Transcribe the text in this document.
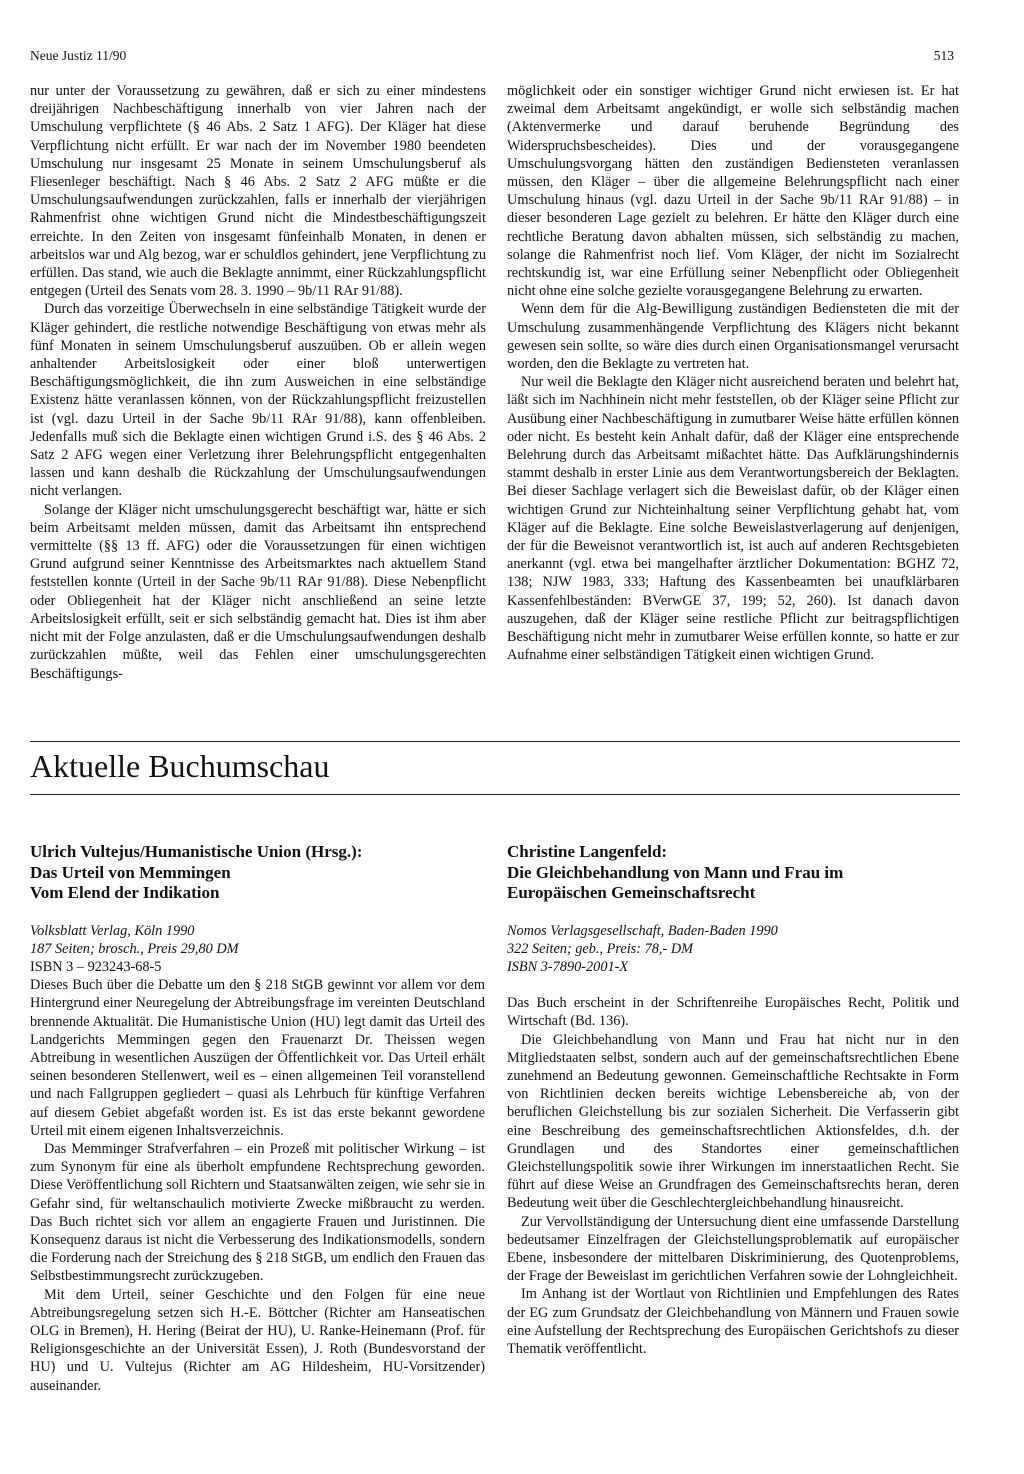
Neue Justiz 11/90	513

nur unter der Voraussetzung zu gewähren, daß er sich zu einer mindestens dreijährigen Nachbeschäftigung innerhalb von vier Jahren nach der Umschulung verpflichtete (§ 46 Abs. 2 Satz 1 AFG). Der Kläger hat diese Verpflichtung nicht erfüllt. Er war nach der im November 1980 beendeten Umschulung nur insgesamt 25 Monate in seinem Umschulungsberuf als Fliesenleger beschäftigt. Nach § 46 Abs. 2 Satz 2 AFG müßte er die Umschulungsaufwendungen zurückzahlen, falls er innerhalb der vierjährigen Rahmenfrist ohne wichtigen Grund nicht die Mindestbeschäftigungszeit erreichte. In den Zeiten von insgesamt fünfeinhalb Monaten, in denen er arbeitslos war und Alg bezog, war er schuldlos gehindert, jene Verpflichtung zu erfüllen. Das stand, wie auch die Beklagte annimmt, einer Rückzahlungspflicht entgegen (Urteil des Senats vom 28. 3. 1990 – 9b/11 RAr 91/88).

Durch das vorzeitige Überwechseln in eine selbständige Tätigkeit wurde der Kläger gehindert, die restliche notwendige Beschäftigung von etwas mehr als fünf Monaten in seinem Umschulungsberuf auszuüben. Ob er allein wegen anhaltender Arbeitslosigkeit oder einer bloß unterwertigen Beschäftigungsmöglichkeit, die ihn zum Ausweichen in eine selbständige Existenz hätte veranlassen können, von der Rückzahlungspflicht freizustellen ist (vgl. dazu Urteil in der Sache 9b/11 RAr 91/88), kann offenbleiben. Jedenfalls muß sich die Beklagte einen wichtigen Grund i.S. des § 46 Abs. 2 Satz 2 AFG wegen einer Verletzung ihrer Belehrungspflicht entgegenhalten lassen und kann deshalb die Rückzahlung der Umschulungsaufwendungen nicht verlangen.

Solange der Kläger nicht umschulungsgerecht beschäftigt war, hätte er sich beim Arbeitsamt melden müssen, damit das Arbeitsamt ihn entsprechend vermittelte (§§ 13 ff. AFG) oder die Voraussetzungen für einen wichtigen Grund aufgrund seiner Kenntnisse des Arbeitsmarktes nach aktuellem Stand feststellen konnte (Urteil in der Sache 9b/11 RAr 91/88). Diese Nebenpflicht oder Obliegenheit hat der Kläger nicht anschließend an seine letzte Arbeitslosigkeit erfüllt, seit er sich selbständig gemacht hat. Dies ist ihm aber nicht mit der Folge anzulasten, daß er die Umschulungsaufwendungen deshalb zurückzahlen müßte, weil das Fehlen einer umschulungsgerechten Beschäftigungs-

möglichkeit oder ein sonstiger wichtiger Grund nicht erwiesen ist. Er hat zweimal dem Arbeitsamt angekündigt, er wolle sich selbständig machen (Aktenvermerke und darauf beruhende Begründung des Widerspruchsbescheides). Dies und der vorausgegangene Umschulungsvorgang hätten den zuständigen Bediensteten veranlassen müssen, den Kläger – über die allgemeine Belehrungspflicht nach einer Umschulung hinaus (vgl. dazu Urteil in der Sache 9b/11 RAr 91/88) – in dieser besonderen Lage gezielt zu belehren. Er hätte den Kläger durch eine rechtliche Beratung davon abhalten müssen, sich selbständig zu machen, solange die Rahmenfrist noch lief. Vom Kläger, der nicht im Sozialrecht rechtskundig ist, war eine Erfüllung seiner Nebenpflicht oder Obliegenheit nicht ohne eine solche gezielte vorausgegangene Belehrung zu erwarten.

Wenn dem für die Alg-Bewilligung zuständigen Bediensteten die mit der Umschulung zusammenhängende Verpflichtung des Klägers nicht bekannt gewesen sein sollte, so wäre dies durch einen Organisationsmangel verursacht worden, den die Beklagte zu vertreten hat.

Nur weil die Beklagte den Kläger nicht ausreichend beraten und belehrt hat, läßt sich im Nachhinein nicht mehr feststellen, ob der Kläger seine Pflicht zur Ausübung einer Nachbeschäftigung in zumutbarer Weise hätte erfüllen können oder nicht. Es besteht kein Anhalt dafür, daß der Kläger eine entsprechende Belehrung durch das Arbeitsamt mißachtet hätte. Das Aufklärungshindernis stammt deshalb in erster Linie aus dem Verantwortungsbereich der Beklagten. Bei dieser Sachlage verlagert sich die Beweislast dafür, ob der Kläger einen wichtigen Grund zur Nichteinhaltung seiner Verpflichtung gehabt hat, vom Kläger auf die Beklagte. Eine solche Beweislastverlagerung auf denjenigen, der für die Beweisnot verantwortlich ist, ist auch auf anderen Rechtsgebieten anerkannt (vgl. etwa bei mangelhafter ärztlicher Dokumentation: BGHZ 72, 138; NJW 1983, 333; Haftung des Kassenbeamten bei unaufklärbaren Kassenfehlbeständen: BVerwGE 37, 199; 52, 260). Ist danach davon auszugehen, daß der Kläger seine restliche Pflicht zur beitragspflichtigen Beschäftigung nicht mehr in zumutbarer Weise erfüllen konnte, so hatte er zur Aufnahme einer selbständigen Tätigkeit einen wichtigen Grund.

Aktuelle Buchumschau
Ulrich Vultejus/Humanistische Union (Hrsg.):
Das Urteil von Memmingen
Vom Elend der Indikation

Volksblatt Verlag, Köln 1990

187 Seiten; brosch., Preis 29,80 DM

ISBN 3 – 923243-68-5

Dieses Buch über die Debatte um den § 218 StGB gewinnt vor allem vor dem Hintergrund einer Neuregelung der Abtreibungsfrage im vereinten Deutschland brennende Aktualität. Die Humanistische Union (HU) legt damit das Urteil des Landgerichts Memmingen gegen den Frauenarzt Dr. Theissen wegen Abtreibung in wesentlichen Auszügen der Öffentlichkeit vor. Das Urteil erhält seinen besonderen Stellenwert, weil es – einen allgemeinen Teil voranstellend und nach Fallgruppen gegliedert – quasi als Lehrbuch für künftige Verfahren auf diesem Gebiet abgefaßt worden ist. Es ist das erste bekannt gewordene Urteil mit einem eigenen Inhaltsverzeichnis.

Das Memminger Strafverfahren – ein Prozeß mit politischer Wirkung – ist zum Synonym für eine als überholt empfundene Rechtsprechung geworden. Diese Veröffentlichung soll Richtern und Staatsanwälten zeigen, wie sehr sie in Gefahr sind, für weltanschaulich motivierte Zwecke mißbraucht zu werden. Das Buch richtet sich vor allem an engagierte Frauen und Juristinnen. Die Konsequenz daraus ist nicht die Verbesserung des Indikationsmodells, sondern die Forderung nach der Streichung des § 218 StGB, um endlich den Frauen das Selbstbestimmungsrecht zurückzugeben.

Mit dem Urteil, seiner Geschichte und den Folgen für eine neue Abtreibungsregelung setzen sich H.-E. Böttcher (Richter am Hanseatischen OLG in Bremen), H. Hering (Beirat der HU), U. Ranke-Heinemann (Prof. für Religionsgeschichte an der Universität Essen), J. Roth (Bundesvorstand der HU) und U. Vultejus (Richter am AG Hildesheim, HU-Vorsitzender) auseinander.

Christine Langenfeld:
Die Gleichbehandlung von Mann und Frau im
Europäischen Gemeinschaftsrecht

Nomos Verlagsgesellschaft, Baden-Baden 1990

322 Seiten; geb., Preis: 78,- DM

ISBN 3-7890-2001-X

Das Buch erscheint in der Schriftenreihe Europäisches Recht, Politik und Wirtschaft (Bd. 136).

Die Gleichbehandlung von Mann und Frau hat nicht nur in den Mitgliedstaaten selbst, sondern auch auf der gemeinschaftsrechtlichen Ebene zunehmend an Bedeutung gewonnen. Gemeinschaftliche Rechtsakte in Form von Richtlinien decken bereits wichtige Lebensbereiche ab, von der beruflichen Gleichstellung bis zur sozialen Sicherheit. Die Verfasserin gibt eine Beschreibung des gemeinschaftsrechtlichen Aktionsfeldes, d.h. der Grundlagen und des Standortes einer gemeinschaftlichen Gleichstellungspolitik sowie ihrer Wirkungen im innerstaatlichen Recht. Sie führt auf diese Weise an Grundfragen des Gemeinschaftsrechts heran, deren Bedeutung weit über die Geschlechtergleichbehandlung hinausreicht.

Zur Vervollständigung der Untersuchung dient eine umfassende Darstellung bedeutsamer Einzelfragen der Gleichstellungsproblematik auf europäischer Ebene, insbesondere der mittelbaren Diskriminierung, des Quotenproblems, der Frage der Beweislast im gerichtlichen Verfahren sowie der Lohngleichheit.

Im Anhang ist der Wortlaut von Richtlinien und Empfehlungen des Rates der EG zum Grundsatz der Gleichbehandlung von Männern und Frauen sowie eine Aufstellung der Rechtsprechung des Europäischen Gerichtshofs zu dieser Thematik veröffentlicht.
